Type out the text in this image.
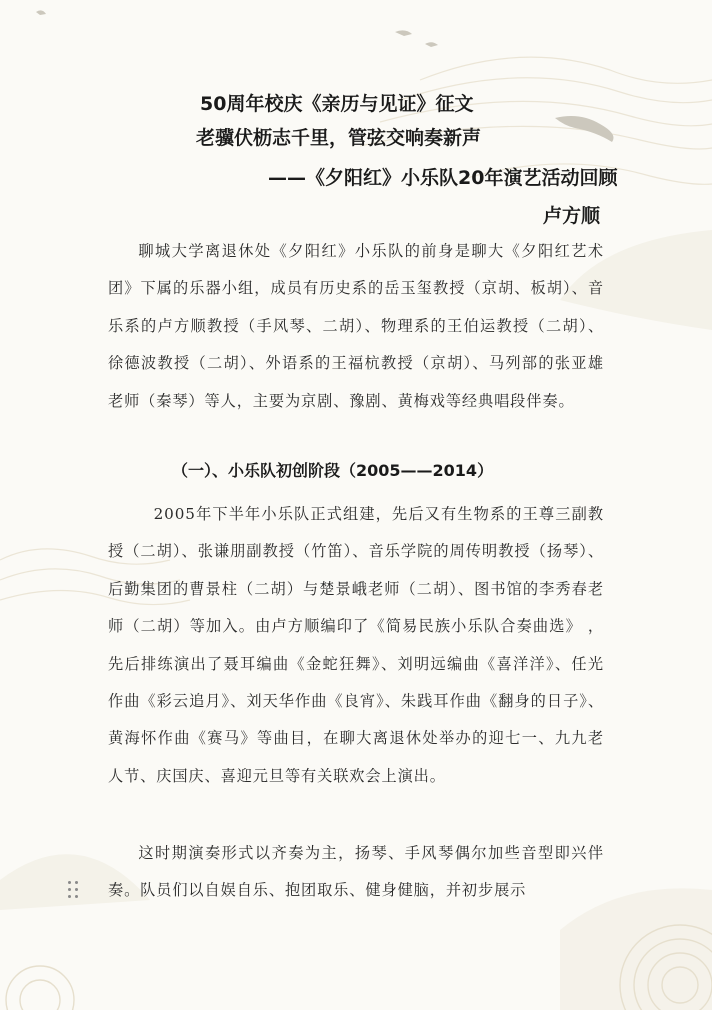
50周年校庆《亲历与见证》征文
老骥伏枥志千里，管弦交响奏新声
——《夕阳红》小乐队20年演艺活动回顾
卢方顺

聊城大学离退休处《夕阳红》小乐队的前身是聊大《夕阳红艺术团》下属的乐器小组，成员有历史系的岳玉玺教授（京胡、板胡）、音乐系的卢方顺教授（手风琴、二胡）、物理系的王伯运教授（二胡）、徐德波教授（二胡）、外语系的王福杭教授（京胡）、马列部的张亚雄老师（秦琴）等人，主要为京剧、豫剧、黄梅戏等经典唱段伴奏。

（一）、小乐队初创阶段（2005——2014）

2005年下半年小乐队正式组建，先后又有生物系的王尊三副教授（二胡）、张谦朋副教授（竹笛）、音乐学院的周传明教授（扬琴）、后勤集团的曹景柱（二胡）与楚景峨老师（二胡）、图书馆的李秀春老师（二胡）等加入。由卢方顺编印了《简易民族小乐队合奏曲选》 ，先后排练演出了聂耳编曲《金蛇狂舞》、刘明远编曲《喜洋洋》、任光作曲《彩云追月》、刘天华作曲《良宵》、朱践耳作曲《翻身的日子》、黄海怀作曲《赛马》等曲目，在聊大离退休处举办的迎七一、九九老人节、庆国庆、喜迎元旦等有关联欢会上演出。

这时期演奏形式以齐奏为主，扬琴、手风琴偶尔加些音型即兴伴奏。队员们以自娱自乐、抱团取乐、健身健脑，并初步展示
